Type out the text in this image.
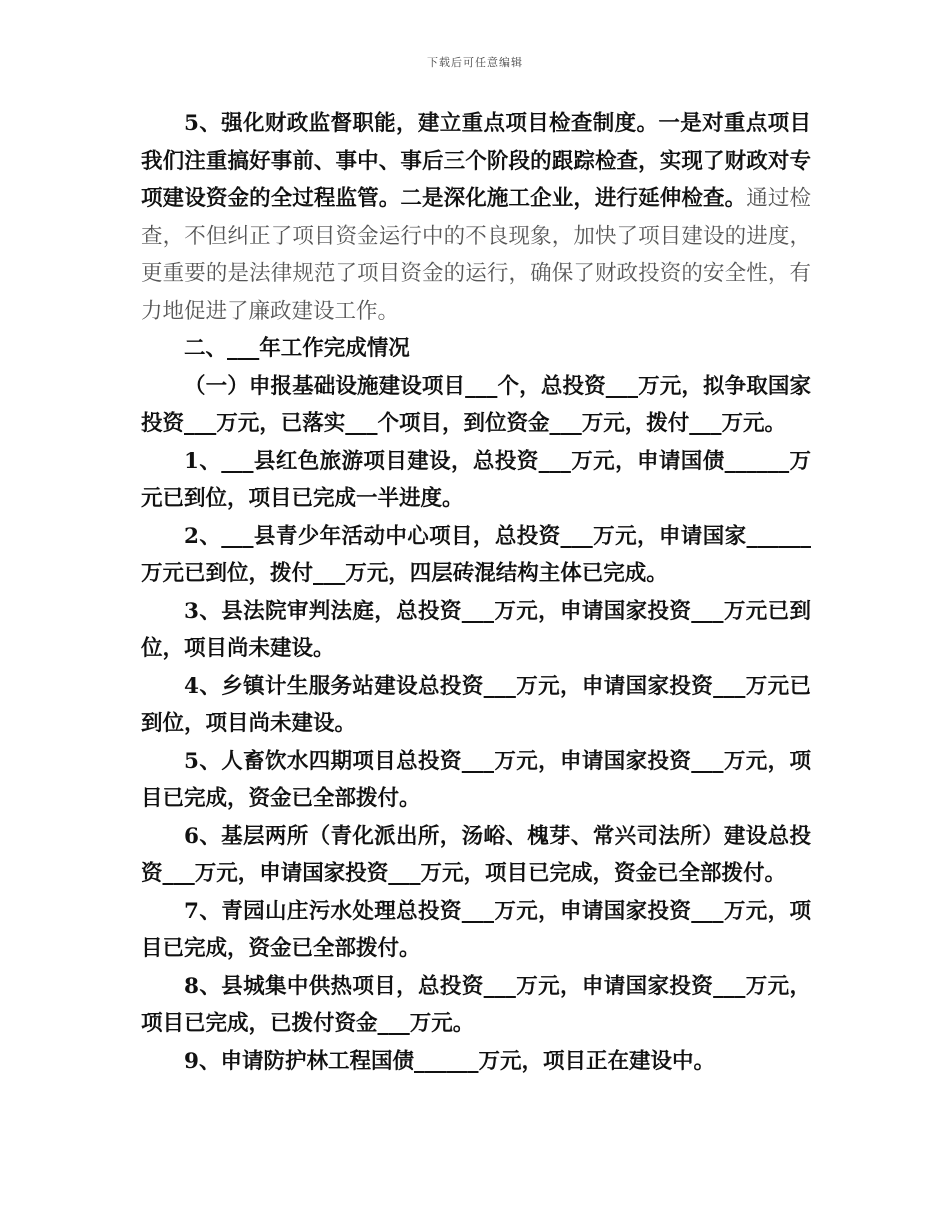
下载后可任意编辑

5、强化财政监督职能，建立重点项目检查制度。一是对重点项目我们注重搞好事前、事中、事后三个阶段的跟踪检查，实现了财政对专项建设资金的全过程监管。二是深化施工企业，进行延伸检查。通过检查，不但纠正了项目资金运行中的不良现象，加快了项目建设的进度，更重要的是法律规范了项目资金的运行，确保了财政投资的安全性，有力地促进了廉政建设工作。

二、___年工作完成情况

（一）申报基础设施建设项目___个，总投资___万元，拟争取国家投资___万元，已落实___个项目，到位资金___万元，拨付___万元。

1、___县红色旅游项目建设，总投资___万元，申请国债______万元已到位，项目已完成一半进度。

2、___县青少年活动中心项目，总投资___万元，申请国家______万元已到位，拨付___万元，四层砖混结构主体已完成。

3、县法院审判法庭，总投资___万元，申请国家投资___万元已到位，项目尚未建设。

4、乡镇计生服务站建设总投资___万元，申请国家投资___万元已到位，项目尚未建设。

5、人畜饮水四期项目总投资___万元，申请国家投资___万元，项目已完成，资金已全部拨付。

6、基层两所（青化派出所，汤峪、槐芽、常兴司法所）建设总投资___万元，申请国家投资___万元，项目已完成，资金已全部拨付。

7、青园山庄污水处理总投资___万元，申请国家投资___万元，项目已完成，资金已全部拨付。

8、县城集中供热项目，总投资___万元，申请国家投资___万元，项目已完成，已拨付资金___万元。

9、申请防护林工程国债______万元，项目正在建设中。
